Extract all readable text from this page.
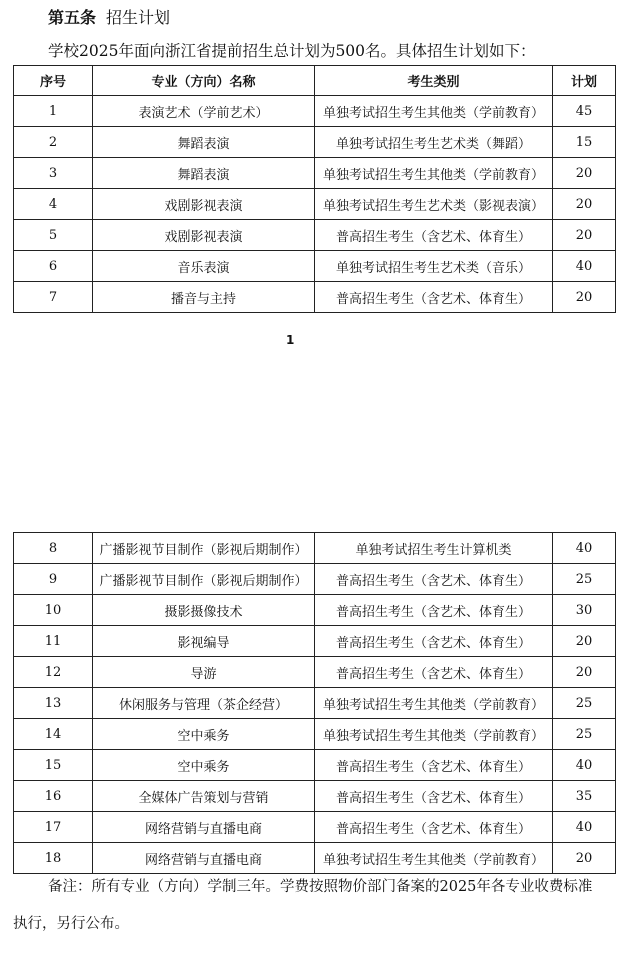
第五条 招生计划
学校2025年面向浙江省提前招生总计划为500名。具体招生计划如下：
序号	专业（方向）名称	考生类别	计划
1	表演艺术（学前艺术）	单独考试招生考生其他类（学前教育）	45
2	舞蹈表演	单独考试招生考生艺术类（舞蹈）	15
3	舞蹈表演	单独考试招生考生其他类（学前教育）	20
4	戏剧影视表演	单独考试招生考生艺术类（影视表演）	20
5	戏剧影视表演	普高招生考生（含艺术、体育生）	20
6	音乐表演	单独考试招生考生艺术类（音乐）	40
7	播音与主持	普高招生考生（含艺术、体育生）	20
1
8	广播影视节目制作（影视后期制作）	单独考试招生考生计算机类	40
9	广播影视节目制作（影视后期制作）	普高招生考生（含艺术、体育生）	25
10	摄影摄像技术	普高招生考生（含艺术、体育生）	30
11	影视编导	普高招生考生（含艺术、体育生）	20
12	导游	普高招生考生（含艺术、体育生）	20
13	休闲服务与管理（茶企经营）	单独考试招生考生其他类（学前教育）	25
14	空中乘务	单独考试招生考生其他类（学前教育）	25
15	空中乘务	普高招生考生（含艺术、体育生）	40
16	全媒体广告策划与营销	普高招生考生（含艺术、体育生）	35
17	网络营销与直播电商	普高招生考生（含艺术、体育生）	40
18	网络营销与直播电商	单独考试招生考生其他类（学前教育）	20
备注：所有专业（方向）学制三年。学费按照物价部门备案的2025年各专业收费标准
执行，另行公布。
